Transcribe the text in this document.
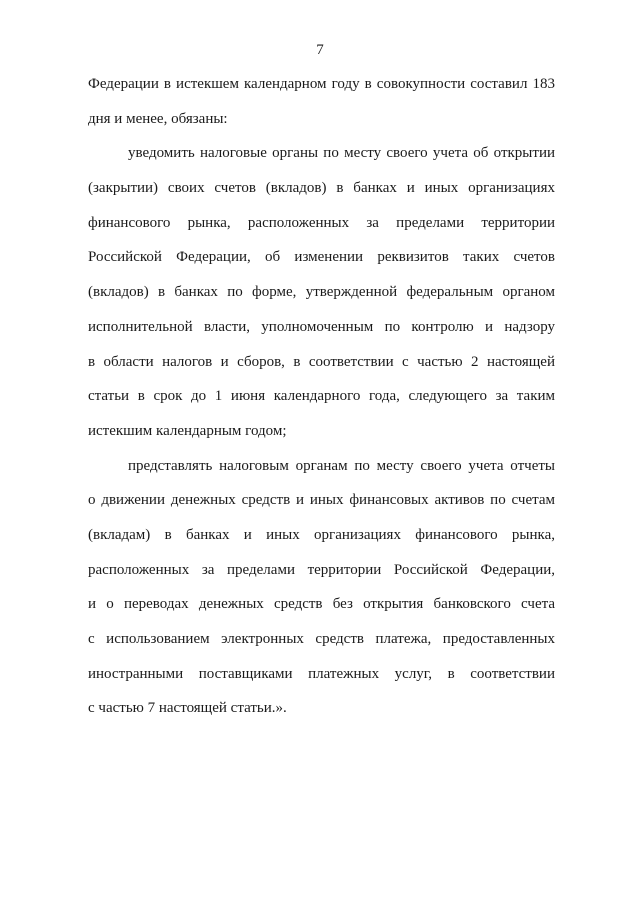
7
Федерации в истекшем календарном году в совокупности составил 183
дня и менее, обязаны:
уведомить налоговые органы по месту своего учета об открытии
(закрытии) своих счетов (вкладов) в банках и иных организациях
финансового рынка, расположенных за пределами территории
Российской Федерации, об изменении реквизитов таких счетов
(вкладов) в банках по форме, утвержденной федеральным органом
исполнительной власти, уполномоченным по контролю и надзору
в области налогов и сборов, в соответствии с частью 2 настоящей
статьи в срок до 1 июня календарного года, следующего за таким
истекшим календарным годом;
представлять налоговым органам по месту своего учета отчеты
о движении денежных средств и иных финансовых активов по счетам
(вкладам) в банках и иных организациях финансового рынка,
расположенных за пределами территории Российской Федерации,
и о переводах денежных средств без открытия банковского счета
с использованием электронных средств платежа, предоставленных
иностранными поставщиками платежных услуг, в соответствии
с частью 7 настоящей статьи.».
